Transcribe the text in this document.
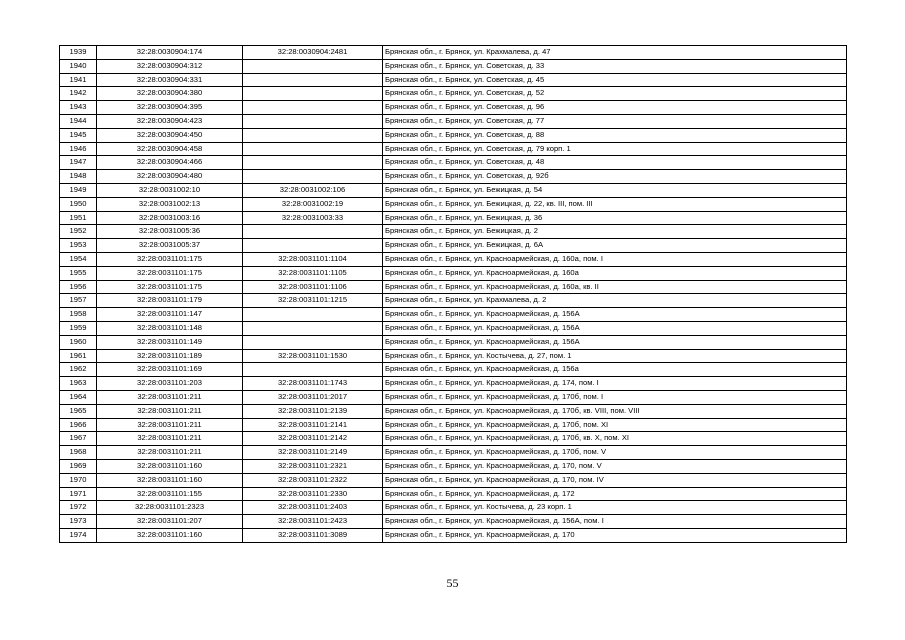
1939	32:28:0030904:174	32:28:0030904:2481	Брянская обл., г. Брянск, ул. Крахмалева, д. 47
1940	32:28:0030904:312		Брянская обл., г. Брянск, ул. Советская, д. 33
1941	32:28:0030904:331		Брянская обл., г. Брянск, ул. Советская, д. 45
1942	32:28:0030904:380		Брянская обл., г. Брянск, ул. Советская, д. 52
1943	32:28:0030904:395		Брянская обл., г. Брянск, ул. Советская, д. 96
1944	32:28:0030904:423		Брянская обл., г. Брянск, ул. Советская, д. 77
1945	32:28:0030904:450		Брянская обл., г. Брянск, ул. Советская, д. 88
1946	32:28:0030904:458		Брянская обл., г. Брянск, ул. Советская, д. 79 корп. 1
1947	32:28:0030904:466		Брянская обл., г. Брянск, ул. Советская, д. 48
1948	32:28:0030904:480		Брянская обл., г. Брянск, ул. Советская, д. 92б
1949	32:28:0031002:10	32:28:0031002:106	Брянская обл., г. Брянск, ул. Бежицкая, д. 54
1950	32:28:0031002:13	32:28:0031002:19	Брянская обл., г. Брянск, ул. Бежицкая, д. 22, кв. III, пом. III
1951	32:28:0031003:16	32:28:0031003:33	Брянская обл., г. Брянск, ул. Бежицкая, д. 36
1952	32:28:0031005:36		Брянская обл., г. Брянск, ул. Бежицкая, д. 2
1953	32:28:0031005:37		Брянская обл., г. Брянск, ул. Бежицкая, д. 6А
1954	32:28:0031101:175	32:28:0031101:1104	Брянская обл., г. Брянск, ул. Красноармейская, д. 160а, пом. I
1955	32:28:0031101:175	32:28:0031101:1105	Брянская обл., г. Брянск, ул. Красноармейская, д. 160а
1956	32:28:0031101:175	32:28:0031101:1106	Брянская обл., г. Брянск, ул. Красноармейская, д. 160а, кв. II
1957	32:28:0031101:179	32:28:0031101:1215	Брянская обл., г. Брянск, ул. Крахмалева, д. 2
1958	32:28:0031101:147		Брянская обл., г. Брянск, ул. Красноармейская, д. 156А
1959	32:28:0031101:148		Брянская обл., г. Брянск, ул. Красноармейская, д. 156А
1960	32:28:0031101:149		Брянская обл., г. Брянск, ул. Красноармейская, д. 156А
1961	32:28:0031101:189	32:28:0031101:1530	Брянская обл., г. Брянск, ул. Костычева, д. 27, пом. 1
1962	32:28:0031101:169		Брянская обл., г. Брянск, ул. Красноармейская, д. 156а
1963	32:28:0031101:203	32:28:0031101:1743	Брянская обл., г. Брянск, ул. Красноармейская, д. 174, пом. I
1964	32:28:0031101:211	32:28:0031101:2017	Брянская обл., г. Брянск, ул. Красноармейская, д. 170б, пом. I
1965	32:28:0031101:211	32:28:0031101:2139	Брянская обл., г. Брянск, ул. Красноармейская, д. 170б, кв. VIII, пом. VIII
1966	32:28:0031101:211	32:28:0031101:2141	Брянская обл., г. Брянск, ул. Красноармейская, д. 170б, пом. XI
1967	32:28:0031101:211	32:28:0031101:2142	Брянская обл., г. Брянск, ул. Красноармейская, д. 170б, кв. X, пом. XI
1968	32:28:0031101:211	32:28:0031101:2149	Брянская обл., г. Брянск, ул. Красноармейская, д. 170б, пом. V
1969	32:28:0031101:160	32:28:0031101:2321	Брянская обл., г. Брянск, ул. Красноармейская, д. 170, пом. V
1970	32:28:0031101:160	32:28:0031101:2322	Брянская обл., г. Брянск, ул. Красноармейская, д. 170, пом. IV
1971	32:28:0031101:155	32:28:0031101:2330	Брянская обл., г. Брянск, ул. Красноармейская, д. 172
1972	32:28:0031101:2323	32:28:0031101:2403	Брянская обл., г. Брянск, ул. Костычева, д. 23 корп. 1
1973	32:28:0031101:207	32:28:0031101:2423	Брянская обл., г. Брянск, ул. Красноармейская, д. 156А, пом. I
1974	32:28:0031101:160	32:28:0031101:3089	Брянская обл., г. Брянск, ул. Красноармейская, д. 170
55
